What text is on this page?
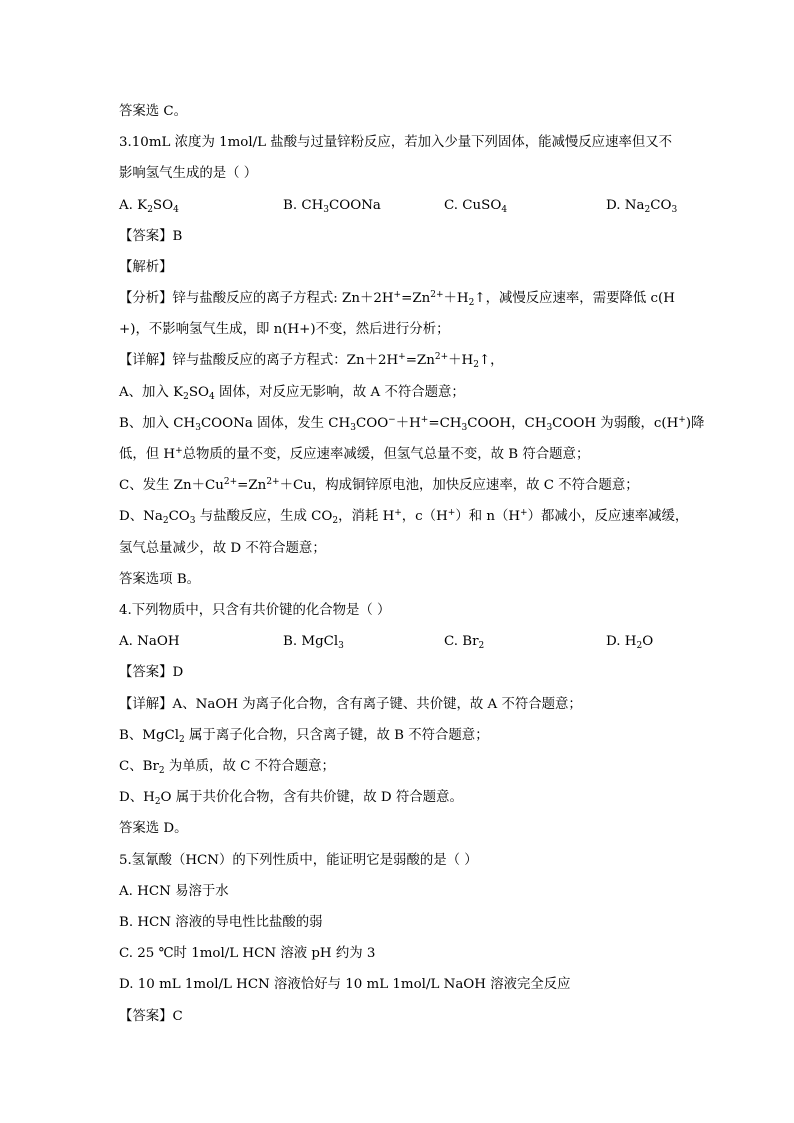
答案选 C。
3.10mL 浓度为 1mol/L 盐酸与过量锌粉反应，若加入少量下列固体，能减慢反应速率但又不
影响氢气生成的是（ ）
A. $K_2SO_4$	B. $CH_3COONa$	C. CuSO$_4$	D. $Na_2CO_3$
【答案】B
【解析】
【分析】锌与盐酸反应的离子方程式: $Zn+2H^+=Zn^{2+}+H_2↑$，减慢反应速率，需要降低 c(H
+)，不影响氢气生成，即 n(H+)不变，然后进行分析；
【详解】锌与盐酸反应的离子方程式：$Zn+2H^+=Zn^{2+}+H_2↑$，
A、加入 $K_2SO_4$ 固体，对反应无影响，故 A 不符合题意；
B、加入 $CH_3COONa$ 固体，发生 $CH_3COO^-+H^+=CH_3COOH$，$CH_3COOH$ 为弱酸，c(H+)降
低，但 H+总物质的量不变，反应速率减缓，但氢气总量不变，故 B 符合题意；
C、发生 $Zn+Cu^{2+}=Zn^{2+}+Cu$，构成铜锌原电池，加快反应速率，故 C 不符合题意；
D、$Na_2CO_3$ 与盐酸反应，生成 $CO_2$，消耗 H+，c（H+）和 n（H+）都减小，反应速率减缓，
氢气总量减少，故 D 不符合题意；
答案选项 B。
4.下列物质中，只含有共价键的化合物是（ ）
A. NaOH	B. MgCl$_3$	C. $Br_2$	D. $H_2O$
【答案】D
【详解】A、NaOH 为离子化合物，含有离子键、共价键，故 A 不符合题意；
B、MgCl$_2$ 属于离子化合物，只含离子键，故 B 不符合题意；
C、$Br_2$ 为单质，故 C 不符合题意；
D、$H_2O$ 属于共价化合物，含有共价键，故 D 符合题意。
答案选 D。
5.氢氰酸（HCN）的下列性质中，能证明它是弱酸的是（ ）
A. HCN 易溶于水
B. HCN 溶液的导电性比盐酸的弱
C. 25 ℃时 1mol/L HCN 溶液 pH 约为 3
D. 10 mL 1mol/L HCN 溶液恰好与 10 mL 1mol/L NaOH 溶液完全反应
【答案】C
